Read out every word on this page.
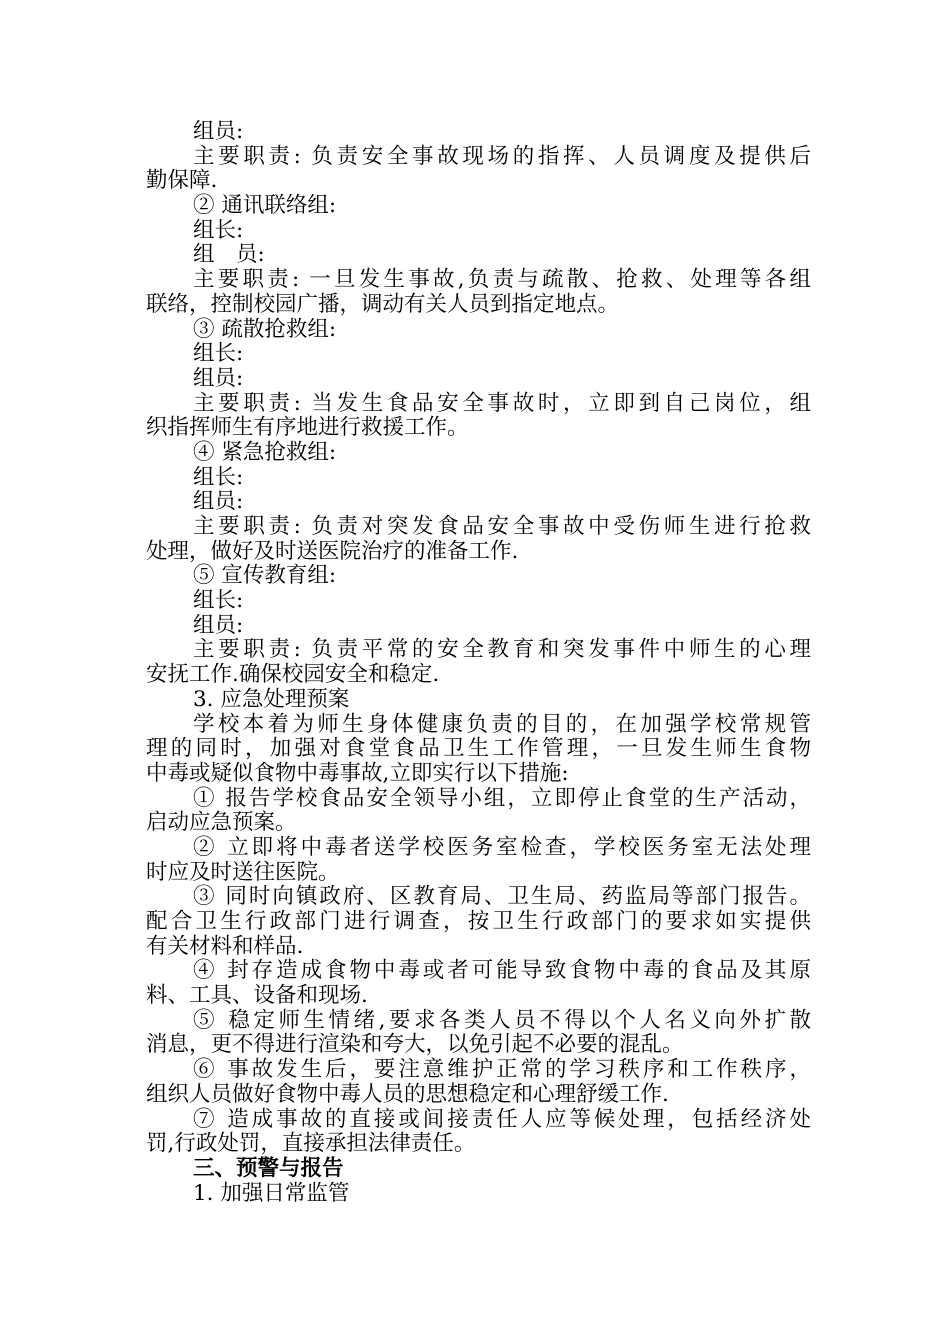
组员:
主要职责: 负责安全事故现场的指挥、人员调度及提供后
勤保障.
② 通讯联络组:
组长:
组　员:
主要职责: 一旦发生事故,负责与疏散、抢救、处理等各组
联络，控制校园广播，调动有关人员到指定地点。
③ 疏散抢救组:
组长:
组员:
主要职责: 当发生食品安全事故时，立即到自己岗位，组
织指挥师生有序地进行救援工作。
④ 紧急抢救组:
组长:
组员:
主要职责: 负责对突发食品安全事故中受伤师生进行抢救
处理，做好及时送医院治疗的准备工作.
⑤ 宣传教育组:
组长:
组员:
主要职责: 负责平常的安全教育和突发事件中师生的心理
安抚工作.确保校园安全和稳定.
3. 应急处理预案
学校本着为师生身体健康负责的目的，在加强学校常规管
理的同时，加强对食堂食品卫生工作管理，一旦发生师生食物
中毒或疑似食物中毒事故,立即实行以下措施:
① 报告学校食品安全领导小组，立即停止食堂的生产活动，
启动应急预案。
② 立即将中毒者送学校医务室检查，学校医务室无法处理
时应及时送往医院。
③ 同时向镇政府、区教育局、卫生局、药监局等部门报告。
配合卫生行政部门进行调查，按卫生行政部门的要求如实提供
有关材料和样品.
④ 封存造成食物中毒或者可能导致食物中毒的食品及其原
料、工具、设备和现场.
⑤ 稳定师生情绪,要求各类人员不得以个人名义向外扩散
消息，更不得进行渲染和夸大，以免引起不必要的混乱。
⑥ 事故发生后，要注意维护正常的学习秩序和工作秩序，
组织人员做好食物中毒人员的思想稳定和心理舒缓工作.
⑦ 造成事故的直接或间接责任人应等候处理，包括经济处
罚,行政处罚，直接承担法律责任。
三、预警与报告
1. 加强日常监管
